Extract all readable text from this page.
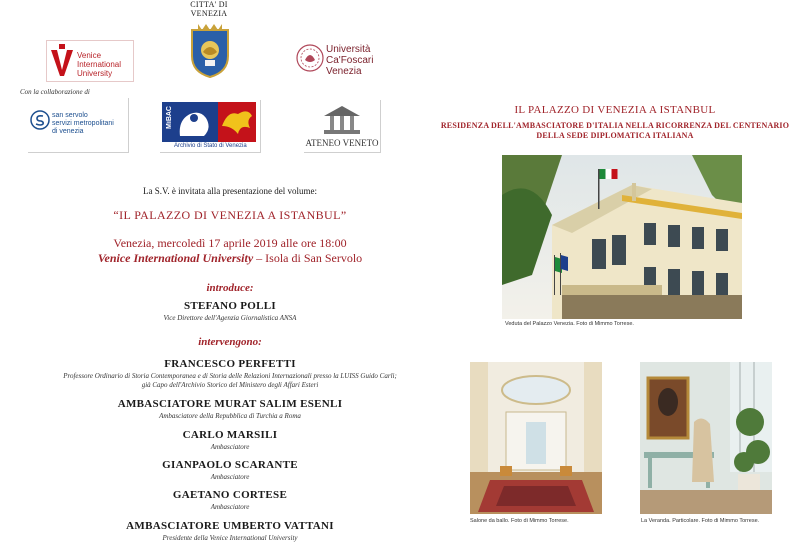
Venice
International
University
CITTA' DI
VENEZIA
Università
Ca'Foscari
Venezia
Con la collaborazione di
san servolo
servizi metropolitani
di venezia
MiBAC
Archivio di Stato di Venezia	ATENEO VENETO
La S.V. è invitata alla presentazione del volume:
“IL PALAZZO DI VENEZIA A ISTANBUL”
Venezia, mercoledì 17 aprile 2019 alle ore 18:00
Venice International University – Isola di San Servolo
introduce:
STEFANO POLLI
Vice Direttore dell'Agenzia Giornalistica ANSA
intervengono:
FRANCESCO PERFETTI
Professore Ordinario di Storia Contemporanea e di Storia delle Relazioni Internazionali presso la LUISS Guido Carli;
già Capo dell'Archivio Storico del Ministero degli Affari Esteri
AMBASCIATORE MURAT SALIM ESENLI
Ambasciatore della Repubblica di Turchia a Roma
CARLO MARSILI
Ambasciatore
GIANPAOLO SCARANTE
Ambasciatore
GAETANO CORTESE
Ambasciatore
AMBASCIATORE UMBERTO VATTANI
Presidente della Venice International University
IL PALAZZO DI VENEZIA A ISTANBUL
RESIDENZA DELL'AMBASCIATORE D'ITALIA NELLA RICORRENZA DEL CENTENARIO
DELLA SEDE DIPLOMATICA ITALIANA
Veduta del Palazzo Venezia. Foto di Mimmo Torrese.
Salone da ballo. Foto di Mimmo Torrese.	La Veranda. Particolare. Foto di Mimmo Torrese.
